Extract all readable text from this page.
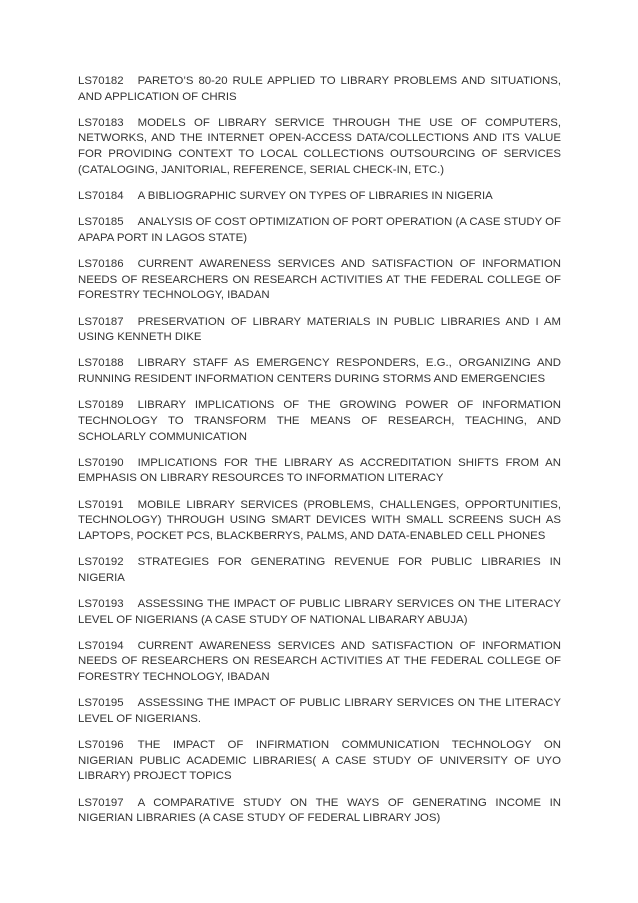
LS70182 PARETO’S 80-20 RULE APPLIED TO LIBRARY PROBLEMS AND SITUATIONS, AND APPLICATION OF CHRIS

LS70183 MODELS OF LIBRARY SERVICE THROUGH THE USE OF COMPUTERS, NETWORKS, AND THE INTERNET OPEN-ACCESS DATA/COLLECTIONS AND ITS VALUE FOR PROVIDING CONTEXT TO LOCAL COLLECTIONS OUTSOURCING OF SERVICES (CATALOGING, JANITORIAL, REFERENCE, SERIAL CHECK-IN, ETC.)

LS70184 A BIBLIOGRAPHIC SURVEY ON TYPES OF LIBRARIES IN NIGERIA

LS70185 ANALYSIS OF COST OPTIMIZATION OF PORT OPERATION (A CASE STUDY OF APAPA PORT IN LAGOS STATE)

LS70186 CURRENT AWARENESS SERVICES AND SATISFACTION OF INFORMATION NEEDS OF RESEARCHERS ON RESEARCH ACTIVITIES AT THE FEDERAL COLLEGE OF FORESTRY TECHNOLOGY, IBADAN

LS70187 PRESERVATION OF LIBRARY MATERIALS IN PUBLIC LIBRARIES AND I AM USING KENNETH DIKE

LS70188 LIBRARY STAFF AS EMERGENCY RESPONDERS, E.G., ORGANIZING AND RUNNING RESIDENT INFORMATION CENTERS DURING STORMS AND EMERGENCIES

LS70189 LIBRARY IMPLICATIONS OF THE GROWING POWER OF INFORMATION TECHNOLOGY TO TRANSFORM THE MEANS OF RESEARCH, TEACHING, AND SCHOLARLY COMMUNICATION

LS70190 IMPLICATIONS FOR THE LIBRARY AS ACCREDITATION SHIFTS FROM AN EMPHASIS ON LIBRARY RESOURCES TO INFORMATION LITERACY

LS70191 MOBILE LIBRARY SERVICES (PROBLEMS, CHALLENGES, OPPORTUNITIES, TECHNOLOGY) THROUGH USING SMART DEVICES WITH SMALL SCREENS SUCH AS LAPTOPS, POCKET PCS, BLACKBERRYS, PALMS, AND DATA-ENABLED CELL PHONES

LS70192 STRATEGIES FOR GENERATING REVENUE FOR PUBLIC LIBRARIES IN NIGERIA

LS70193 ASSESSING THE IMPACT OF PUBLIC LIBRARY SERVICES ON THE LITERACY LEVEL OF NIGERIANS (A CASE STUDY OF NATIONAL LIBARARY ABUJA)

LS70194 CURRENT AWARENESS SERVICES AND SATISFACTION OF INFORMATION NEEDS OF RESEARCHERS ON RESEARCH ACTIVITIES AT THE FEDERAL COLLEGE OF FORESTRY TECHNOLOGY, IBADAN

LS70195 ASSESSING THE IMPACT OF PUBLIC LIBRARY SERVICES ON THE LITERACY LEVEL OF NIGERIANS.

LS70196 THE IMPACT OF INFIRMATION COMMUNICATION TECHNOLOGY ON NIGERIAN PUBLIC ACADEMIC LIBRARIES( A CASE STUDY OF UNIVERSITY OF UYO LIBRARY) PROJECT TOPICS

LS70197 A COMPARATIVE STUDY ON THE WAYS OF GENERATING INCOME IN NIGERIAN LIBRARIES (A CASE STUDY OF FEDERAL LIBRARY JOS)
